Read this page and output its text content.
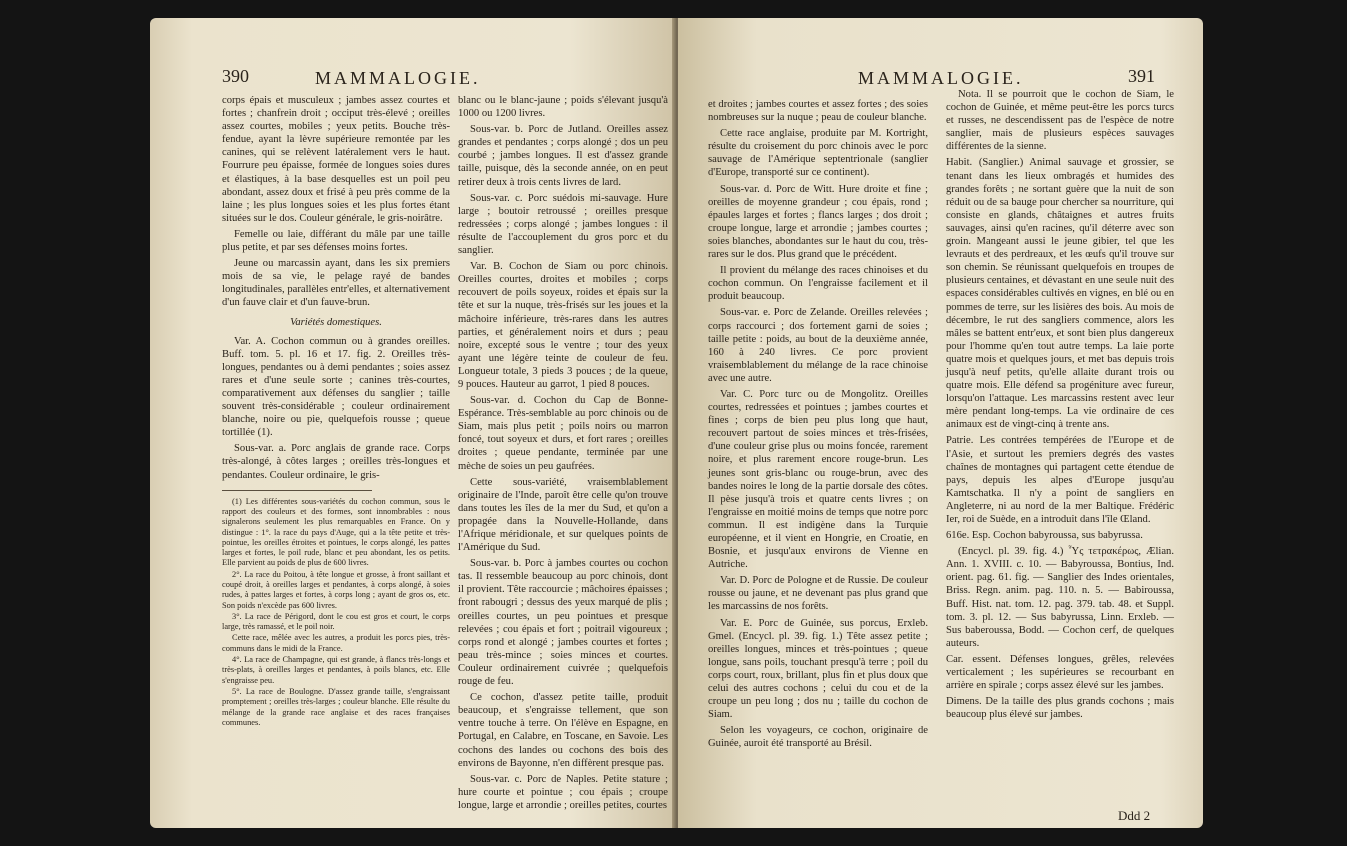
390	MAMMALOGIE.

corps épais et musculeux ; jambes assez courtes et fortes ; chanfrein droit ; occiput très-élevé ; oreilles assez courtes, mobiles ; yeux petits. Bouche très-fendue, ayant la lèvre supérieure remontée par les canines, qui se relèvent latéralement vers le haut. Fourrure peu épaisse, formée de longues soies dures et élastiques, à la base desquelles est un poil peu abondant, assez doux et frisé à peu près comme de la laine ; les plus longues soies et les plus fortes étant situées sur le dos. Couleur générale, le gris-noirâtre.

Femelle ou laie, différant du mâle par une taille plus petite, et par ses défenses moins fortes.

Jeune ou marcassin ayant, dans les six premiers mois de sa vie, le pelage rayé de bandes longitudinales, parallèles entr'elles, et alternativement d'un fauve clair et d'un fauve-brun.

Variétés domestiques.

Var. A. Cochon commun ou à grandes oreilles. Buff. tom. 5. pl. 16 et 17. fig. 2. Oreilles très-longues, pendantes ou à demi pendantes ; soies assez rares et d'une seule sorte ; canines très-courtes, comparativement aux défenses du sanglier ; taille souvent très-considérable ; couleur ordinairement blanche, noire ou pie, quelquefois rousse ; queue tortillée (1).

Sous-var. a. Porc anglais de grande race. Corps très-alongé, à côtes larges ; oreilles très-longues et pendantes. Couleur ordinaire, le gris-

(1) Les différentes sous-variétés du cochon commun, sous le rapport des couleurs et des formes, sont innombrables : nous signalerons seulement les plus remarquables en France. On y distingue : 1°. la race du pays d'Auge, qui a la tête petite et très-pointue, les oreilles étroites et pointues, le corps alongé, les pattes larges et fortes, le poil rude, blanc et peu abondant, les os petits. Elle parvient au poids de plus de 600 livres.

2°. La race du Poitou, à tête longue et grosse, à front saillant et coupé droit, à oreilles larges et pendantes, à corps alongé, à soies rudes, à pattes larges et fortes, à corps long ; ayant de gros os, etc. Son poids n'excède pas 600 livres.

3°. La race de Périgord, dont le cou est gros et court, le corps large, très ramassé, et le poil noir.

Cette race, mêlée avec les autres, a produit les porcs pies, très-communs dans le midi de la France.

4°. La race de Champagne, qui est grande, à flancs très-longs et très-plats, à oreilles larges et pendantes, à poils blancs, etc. Elle s'engraisse peu.

5°. La race de Boulogne. D'assez grande taille, s'engraissant promptement ; oreilles très-larges ; couleur blanche. Elle résulte du mélange de la grande race anglaise et des races françaises communes.

blanc ou le blanc-jaune ; poids s'élevant jusqu'à 1000 ou 1200 livres.

Sous-var. b. Porc de Jutland. Oreilles assez grandes et pendantes ; corps alongé ; dos un peu courbé ; jambes longues. Il est d'assez grande taille, puisque, dès la seconde année, on en peut retirer deux à trois cents livres de lard.

Sous-var. c. Porc suédois mi-sauvage. Hure large ; boutoir retroussé ; oreilles presque redressées ; corps alongé ; jambes longues : il résulte de l'accouplement du gros porc et du sanglier.

Var. B. Cochon de Siam ou porc chinois. Oreilles courtes, droites et mobiles ; corps recouvert de poils soyeux, roides et épais sur la tête et sur la nuque, très-frisés sur les joues et la mâchoire inférieure, très-rares dans les autres parties, et généralement noirs et durs ; peau noire, excepté sous le ventre ; tour des yeux ayant une légère teinte de couleur de feu. Longueur totale, 3 pieds 3 pouces ; de la queue, 9 pouces. Hauteur au garrot, 1 pied 8 pouces.

Sous-var. d. Cochon du Cap de Bonne-Espérance. Très-semblable au porc chinois ou de Siam, mais plus petit ; poils noirs ou marron foncé, tout soyeux et durs, et fort rares ; oreilles droites ; queue pendante, terminée par une mèche de soies un peu gaufrées.

Cette sous-variété, vraisemblablement originaire de l'Inde, paroît être celle qu'on trouve dans toutes les îles de la mer du Sud, et qu'on a propagée dans la Nouvelle-Hollande, dans l'Afrique méridionale, et sur quelques points de l'Amérique du Sud.

Sous-var. b. Porc à jambes courtes ou cochon tas. Il ressemble beaucoup au porc chinois, dont il provient. Tête raccourcie ; mâchoires épaisses ; front rabougri ; dessus des yeux marqué de plis ; oreilles courtes, un peu pointues et presque relevées ; cou épais et fort ; poitrail vigoureux ; corps rond et alongé ; jambes courtes et fortes ; peau très-mince ; soies minces et courtes. Couleur ordinairement cuivrée ; quelquefois rouge de feu.

Ce cochon, d'assez petite taille, produit beaucoup, et s'engraisse tellement, que son ventre touche à terre. On l'élève en Espagne, en Portugal, en Calabre, en Toscane, en Savoie. Les cochons des landes ou cochons des bois des environs de Bayonne, n'en diffèrent presque pas.

Sous-var. c. Porc de Naples. Petite stature ; hure courte et pointue ; cou épais ; croupe longue, large et arrondie ; oreilles petites, courtes

MAMMALOGIE.	391

et droites ; jambes courtes et assez fortes ; des soies nombreuses sur la nuque ; peau de couleur blanche.

Cette race anglaise, produite par M. Kortright, résulte du croisement du porc chinois avec le porc sauvage de l'Amérique septentrionale (sanglier d'Europe, transporté sur ce continent).

Sous-var. d. Porc de Witt. Hure droite et fine ; oreilles de moyenne grandeur ; cou épais, rond ; épaules larges et fortes ; flancs larges ; dos droit ; croupe longue, large et arrondie ; jambes courtes ; soies blanches, abondantes sur le haut du cou, très-rares sur le dos. Plus grand que le précédent.

Il provient du mélange des races chinoises et du cochon commun. On l'engraisse facilement et il produit beaucoup.

Sous-var. e. Porc de Zelande. Oreilles relevées ; corps raccourci ; dos fortement garni de soies ; taille petite : poids, au bout de la deuxième année, 160 à 240 livres. Ce porc provient vraisemblablement du mélange de la race chinoise avec une autre.

Var. C. Porc turc ou de Mongolitz. Oreilles courtes, redressées et pointues ; jambes courtes et fines ; corps de bien peu plus long que haut, recouvert partout de soies minces et très-frisées, d'une couleur grise plus ou moins foncée, rarement noire, et plus rarement encore rouge-brun. Les jeunes sont gris-blanc ou rouge-brun, avec des bandes noires le long de la partie dorsale des côtes. Il pèse jusqu'à trois et quatre cents livres ; on l'engraisse en moitié moins de temps que notre porc commun. Il est indigène dans la Turquie européenne, et il vient en Hongrie, en Croatie, en Bosnie, et jusqu'aux environs de Vienne en Autriche.

Var. D. Porc de Pologne et de Russie. De couleur rousse ou jaune, et ne devenant pas plus grand que les marcassins de nos forêts.

Var. E. Porc de Guinée, sus porcus, Erxleb. Gmel. (Encycl. pl. 39. fig. 1.) Tête assez petite ; oreilles longues, minces et très-pointues ; queue longue, sans poils, touchant presqu'à terre ; poil du corps court, roux, brillant, plus fin et plus doux que celui des autres cochons ; celui du cou et de la croupe un peu long ; dos nu ; taille du cochon de Siam.

Selon les voyageurs, ce cochon, originaire de Guinée, auroit été transporté au Brésil.

Nota. Il se pourroit que le cochon de Siam, le cochon de Guinée, et même peut-être les porcs turcs et russes, ne descendissent pas de l'espèce de notre sanglier, mais de plusieurs espèces sauvages différentes de la sienne.

Habit. (Sanglier.) Animal sauvage et grossier, se tenant dans les lieux ombragés et humides des grandes forêts ; ne sortant guère que la nuit de son réduit ou de sa bauge pour chercher sa nourriture, qui consiste en glands, châtaignes et autres fruits sauvages, ainsi qu'en racines, qu'il déterre avec son groin. Mangeant aussi le jeune gibier, tel que les levrauts et des perdreaux, et les œufs qu'il trouve sur son chemin. Se réunissant quelquefois en troupes de plusieurs centaines, et dévastant en une seule nuit des espaces considérables cultivés en vignes, en blé ou en pommes de terre, sur les lisières des bois. Au mois de décembre, le rut des sangliers commence, alors les mâles se battent entr'eux, et sont bien plus dangereux pour l'homme qu'en tout autre temps. La laie porte quatre mois et quelques jours, et met bas depuis trois jusqu'à neuf petits, qu'elle allaite durant trois ou quatre mois. Elle défend sa progéniture avec fureur, lorsqu'on l'attaque. Les marcassins restent avec leur mère pendant long-temps. La vie ordinaire de ces animaux est de vingt-cinq à trente ans.

Patrie. Les contrées tempérées de l'Europe et de l'Asie, et surtout les premiers degrés des vastes chaînes de montagnes qui partagent cette étendue de pays, depuis les alpes d'Europe jusqu'au Kamtschatka. Il n'y a point de sangliers en Angleterre, ni au nord de la mer Baltique. Frédéric Ier, roi de Suède, en a introduit dans l'île Œland.

616e. Esp. Cochon babyroussa, sus babyrussa.

(Encycl. pl. 39. fig. 4.) Ὗς τετρακέρως, Ælian. Ann. 1. XVIII. c. 10. — Babyroussa, Bontius, Ind. orient. pag. 61. fig. — Sanglier des Indes orientales, Briss. Regn. anim. pag. 110. n. 5. — Babiroussa, Buff. Hist. nat. tom. 12. pag. 379. tab. 48. et Suppl. tom. 3. pl. 12. — Sus babyrussa, Linn. Erxleb. — Sus baberoussa, Bodd. — Cochon cerf, de quelques auteurs.

Car. essent. Défenses longues, grêles, relevées verticalement ; les supérieures se recourbant en arrière en spirale ; corps assez élevé sur les jambes.

Dimens. De la taille des plus grands cochons ; mais beaucoup plus élevé sur jambes.

Ddd 2
